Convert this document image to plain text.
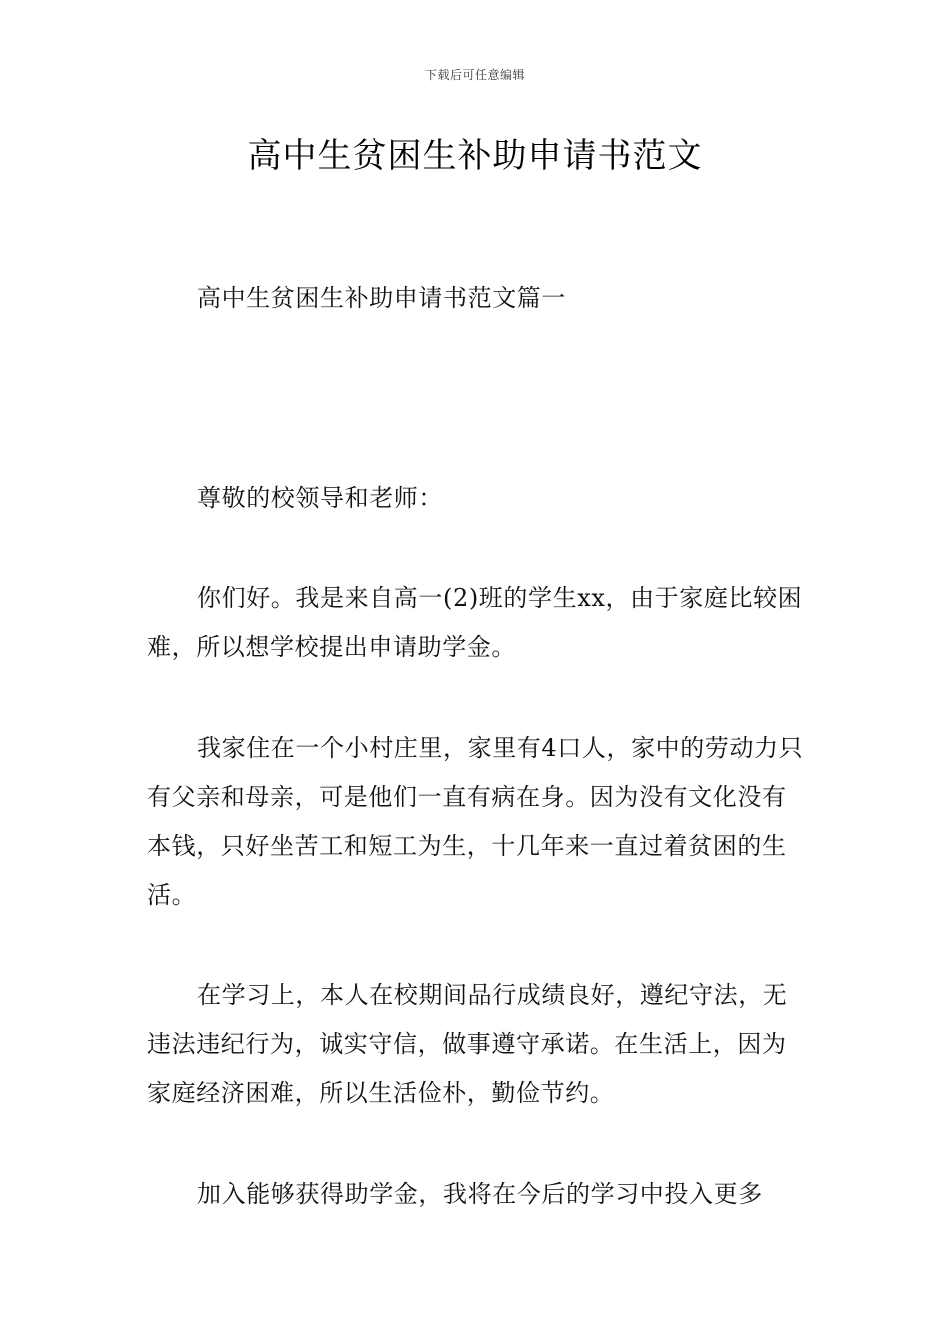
下载后可任意编辑
高中生贫困生补助申请书范文

高中生贫困生补助申请书范文篇一

尊敬的校领导和老师：

你们好。我是来自高一(2)班的学生xx，由于家庭比较困难，所以想学校提出申请助学金。

我家住在一个小村庄里，家里有4口人，家中的劳动力只有父亲和母亲，可是他们一直有病在身。因为没有文化没有本钱，只好坐苦工和短工为生，十几年来一直过着贫困的生活。

在学习上，本人在校期间品行成绩良好，遵纪守法，无违法违纪行为，诚实守信，做事遵守承诺。在生活上，因为家庭经济困难，所以生活俭朴，勤俭节约。

加入能够获得助学金，我将在今后的学习中投入更多
